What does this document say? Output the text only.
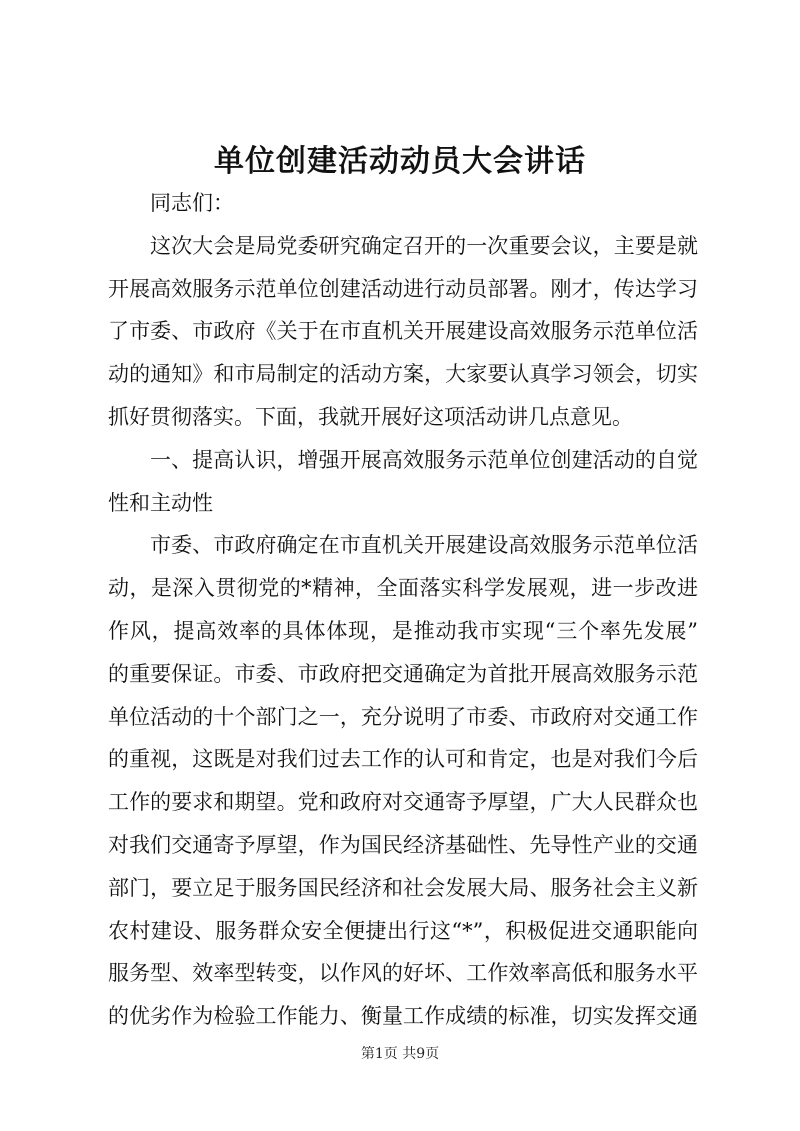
单位创建活动动员大会讲话
同志们：
这次大会是局党委研究确定召开的一次重要会议，主要是就
开展高效服务示范单位创建活动进行动员部署。刚才，传达学习
了市委、市政府《关于在市直机关开展建设高效服务示范单位活
动的通知》和市局制定的活动方案，大家要认真学习领会，切实
抓好贯彻落实。下面，我就开展好这项活动讲几点意见。
一、提高认识，增强开展高效服务示范单位创建活动的自觉
性和主动性
市委、市政府确定在市直机关开展建设高效服务示范单位活
动，是深入贯彻党的*精神，全面落实科学发展观，进一步改进
作风，提高效率的具体体现，是推动我市实现“三个率先发展”
的重要保证。市委、市政府把交通确定为首批开展高效服务示范
单位活动的十个部门之一，充分说明了市委、市政府对交通工作
的重视，这既是对我们过去工作的认可和肯定，也是对我们今后
工作的要求和期望。党和政府对交通寄予厚望，广大人民群众也
对我们交通寄予厚望，作为国民经济基础性、先导性产业的交通
部门，要立足于服务国民经济和社会发展大局、服务社会主义新
农村建设、服务群众安全便捷出行这“*”，积极促进交通职能向
服务型、效率型转变，以作风的好坏、工作效率高低和服务水平
的优劣作为检验工作能力、衡量工作成绩的标准，切实发挥交通
第1页 共9页
